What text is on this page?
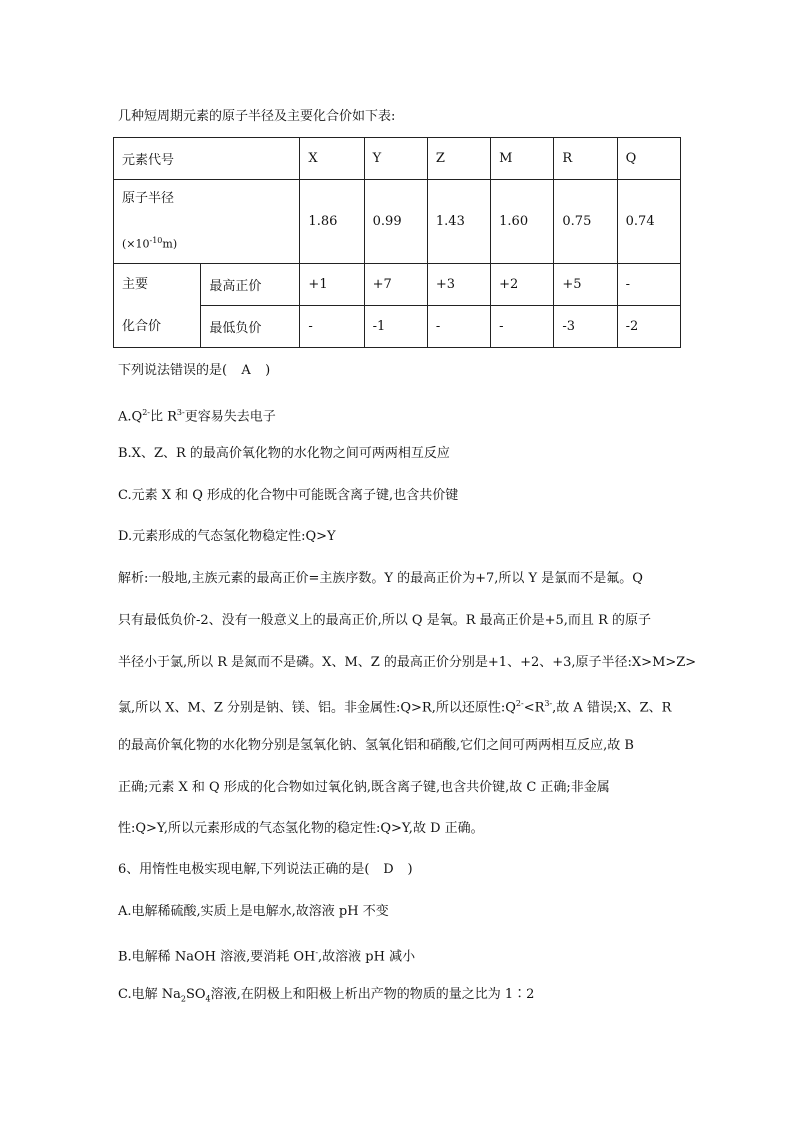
几种短周期元素的原子半径及主要化合价如下表:
元素代号		X	Y	Z	M	R	Q

原子半径
$(\times 10^{-10}m)$		1.86	0.99	1.43	1.60	0.75	0.74

主要
化合价	最高正价	+1	+7	+3	+2	+5	-
	最低负价	-	-1	-	-	-3	-2
下列说法错误的是( A )
$A.Q^{2-}$比 $R^{3-}$更容易失去电子
B.X、Z、R 的最高价氧化物的水化物之间可两两相互反应
C.元素 X 和 Q 形成的化合物中可能既含离子键,也含共价键
D.元素形成的气态氢化物稳定性:Q>Y
解析:一般地,主族元素的最高正价=主族序数。Y 的最高正价为+7,所以 Y 是氯而不是氟。Q
只有最低负价-2、没有一般意义上的最高正价,所以 Q 是氧。R 最高正价是+5,而且 R 的原子
半径小于氯,所以 R 是氮而不是磷。X、M、Z 的最高正价分别是+1、+2、+3,原子半径:X>M>Z>
氯,所以 X、M、Z 分别是钠、镁、铝。非金属性:Q>R,所以还原性$:Q^{2-}<R^{3-}$,故 A 错误;X、Z、R
的最高价氧化物的水化物分别是氢氧化钠、氢氧化铝和硝酸,它们之间可两两相互反应,故 B
正确;元素 X 和 Q 形成的化合物如过氧化钠,既含离子键,也含共价键,故 C 正确;非金属
性:Q>Y,所以元素形成的气态氢化物的稳定性:Q>Y,故 D 正确。
6、用惰性电极实现电解,下列说法正确的是( D )
A.电解稀硫酸,实质上是电解水,故溶液 pH 不变
B.电解稀 NaOH 溶液,要消耗 OH-,故溶液 pH 减小
C.电解 $Na_2SO_4$溶液,在阴极上和阳极上析出产物的物质的量之比为 1∶2
